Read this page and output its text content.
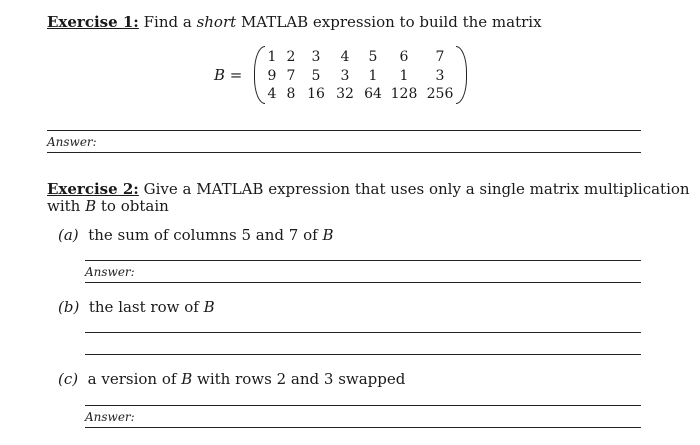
Exercise 1: Find a short MATLAB expression to build the matrix
B =
1 2	3	4	5	6	7
9 7	5	3	1	1	3
4 8 16 32 64 128 256
Answer:
Exercise 2: Give a MATLAB expression that uses only a single matrix multiplication
with B to obtain
(a) the sum of columns 5 and 7 of B
Answer:
(b) the last row of B
(c) a version of B with rows 2 and 3 swapped
Answer:
